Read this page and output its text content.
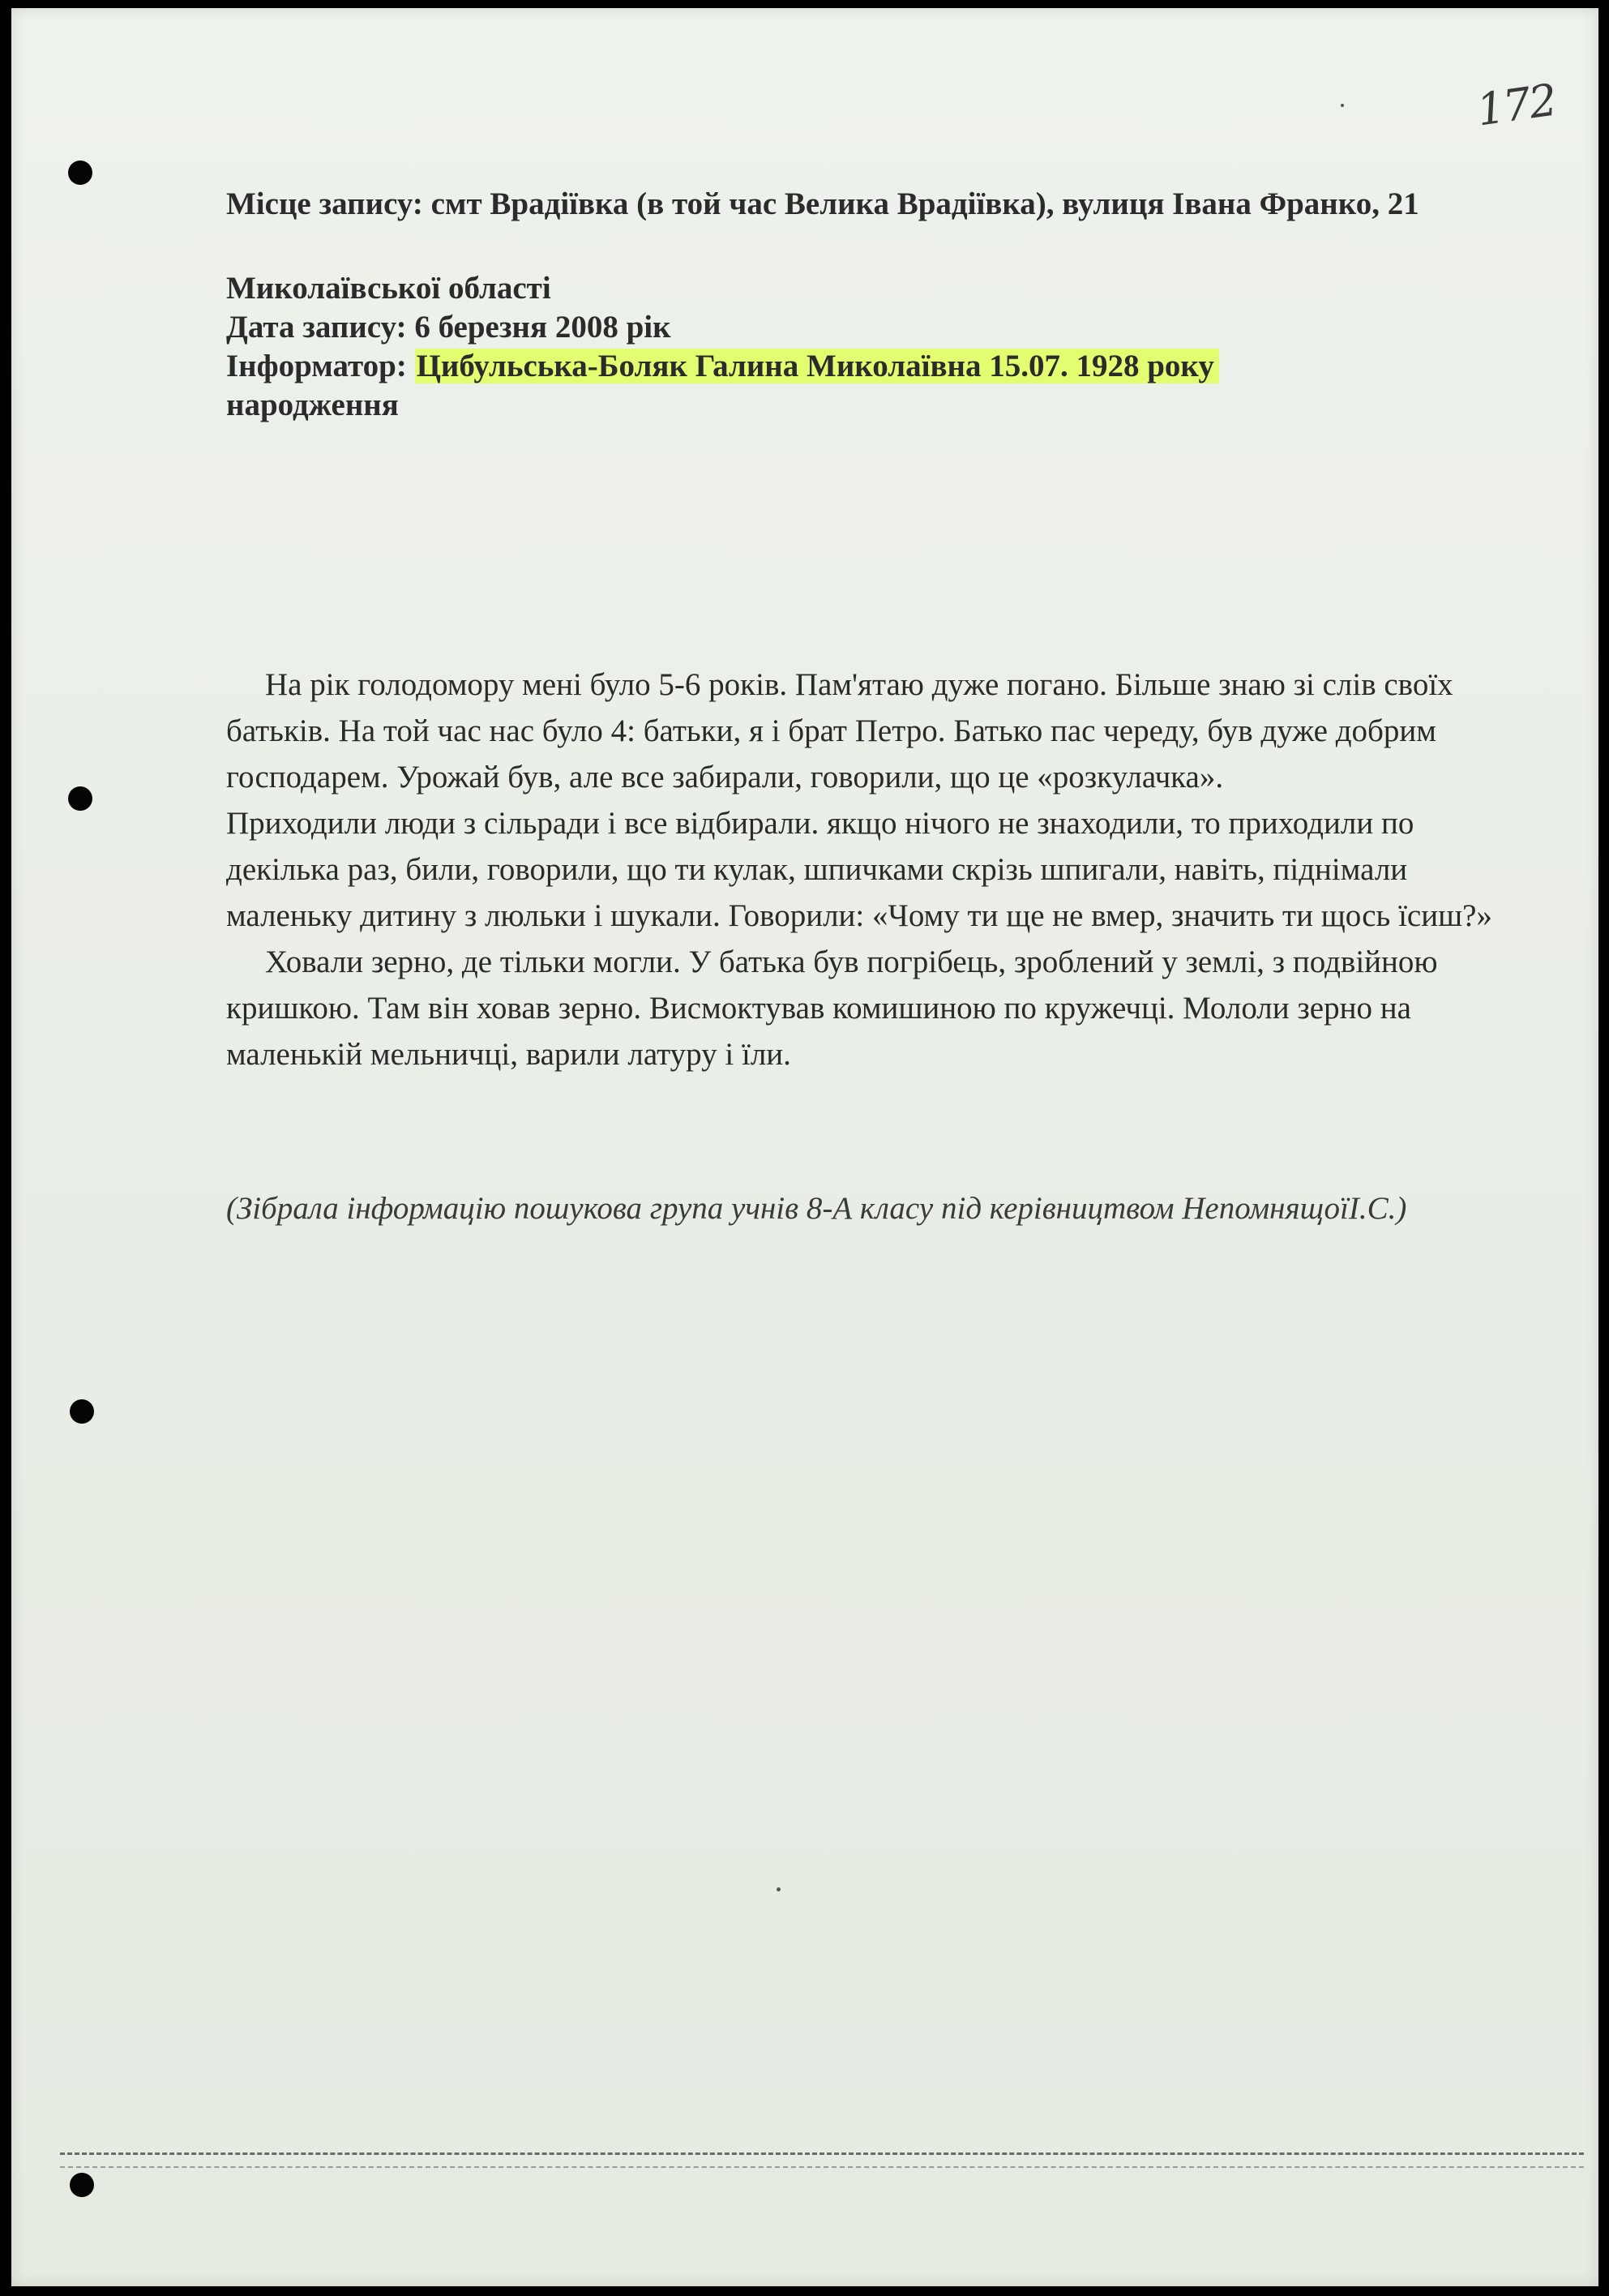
172

Місце запису: смт Врадіївка (в той час Велика Врадіївка), вулиця Івана Франко, 21

Миколаївської області

Дата запису: 6 березня 2008 рік

Інформатор: Цибульська-Боляк Галина Миколаївна 15.07. 1928 року

народження

На рік голодомору мені було 5-6 років. Пам'ятаю дуже погано. Більше знаю зі слів своїх батьків. На той час нас було 4: батьки, я і брат Петро. Батько пас череду, був дуже добрим господарем. Урожай був, але все забирали, говорили, що це «розкулачка».

Приходили люди з сільради і все відбирали. якщо нічого не знаходили, то приходили по декілька раз, били, говорили, що ти кулак, шпичками скрізь шпигали, навіть, піднімали маленьку дитину з люльки і шукали. Говорили: «Чому ти ще не вмер, значить ти щось їсиш?»

Ховали зерно, де тільки могли. У батька був погрібець, зроблений у землі, з подвійною кришкою. Там він ховав зерно. Висмоктував комишиною по кружечці. Мололи зерно на маленькій мельничці, варили латуру і їли.

(Зібрала інформацію пошукова група учнів 8-А класу під керівництвом НепомнящоїІ.С.)
